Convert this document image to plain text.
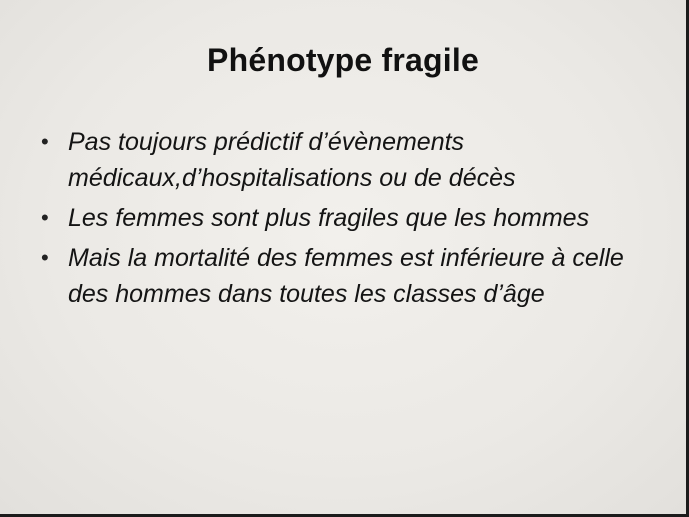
Phénotype fragile
• Pas toujours prédictif d’évènements médicaux,d’hospitalisations ou de décès
• Les femmes sont plus fragiles que les hommes
• Mais la mortalité des femmes est inférieure à celle des hommes dans toutes les classes d’âge
